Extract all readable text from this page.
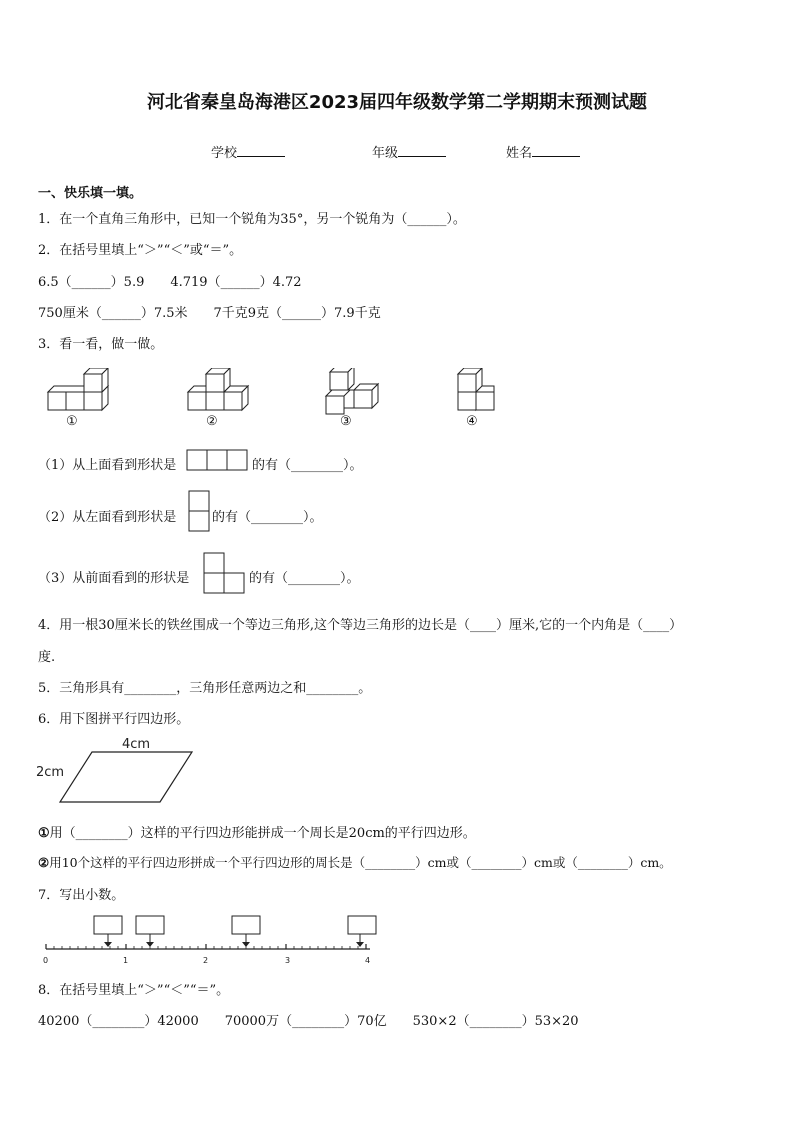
河北省秦皇岛海港区2023届四年级数学第二学期期末预测试题
学校	年级	姓名
一、快乐填一填。
1．在一个直角三角形中，已知一个锐角为35°，另一个锐角为（______）。
2．在括号里填上“＞”“＜”或“＝”。
6.5（______）5.9　　4.719（______）4.72
750厘米（______）7.5米　　7千克9克（______）7.9千克
3．看一看，做一做。
①	②	③	④
（1）从上面看到形状是	的有（________）。
（2）从左面看到形状是	的有（________）。
（3）从前面看到的形状是	的有（________）。
4．用一根30厘米长的铁丝围成一个等边三角形,这个等边三角形的边长是（____）厘米,它的一个内角是（____）
度.
5．三角形具有________，三角形任意两边之和________。
6．用下图拼平行四边形。
4cm
2cm
①用（________）这样的平行四边形能拼成一个周长是20cm的平行四边形。
②用10个这样的平行四边形拼成一个平行四边形的周长是（________）cm或（________）cm或（________）cm。
7．写出小数。
0	1	2	3	4
8．在括号里填上“＞”“＜”“＝”。
40200（________）42000　　70000万（________）70亿　　530×2（________）53×20
